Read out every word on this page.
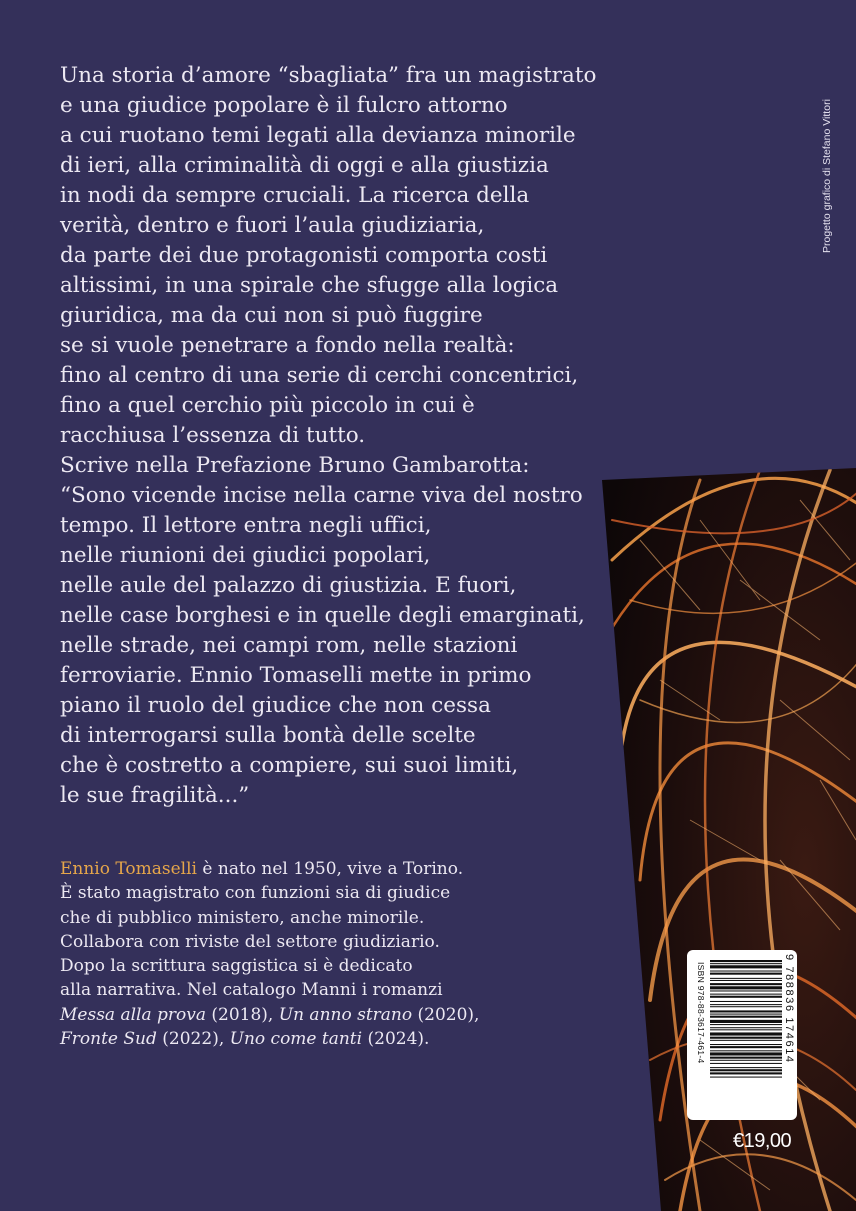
Una storia d’amore “sbagliata” fra un magistrato
e una giudice popolare è il fulcro attorno
a cui ruotano temi legati alla devianza minorile
di ieri, alla criminalità di oggi e alla giustizia
in nodi da sempre cruciali. La ricerca della
verità, dentro e fuori l’aula giudiziaria,
da parte dei due protagonisti comporta costi
altissimi, in una spirale che sfugge alla logica
giuridica, ma da cui non si può fuggire
se si vuole penetrare a fondo nella realtà:
fino al centro di una serie di cerchi concentrici,
fino a quel cerchio più piccolo in cui è
racchiusa l’essenza di tutto.
Scrive nella Prefazione Bruno Gambarotta:
“Sono vicende incise nella carne viva del nostro
tempo. Il lettore entra negli uffici,
nelle riunioni dei giudici popolari,
nelle aule del palazzo di giustizia. E fuori,
nelle case borghesi e in quelle degli emarginati,
nelle strade, nei campi rom, nelle stazioni
ferroviarie. Ennio Tomaselli mette in primo
piano il ruolo del giudice che non cessa
di interrogarsi sulla bontà delle scelte
che è costretto a compiere, sui suoi limiti,
le sue fragilità...”
Ennio Tomaselli è nato nel 1950, vive a Torino.
È stato magistrato con funzioni sia di giudice
che di pubblico ministero, anche minorile.
Collabora con riviste del settore giudiziario.
Dopo la scrittura saggistica si è dedicato
alla narrativa. Nel catalogo Manni i romanzi
Messa alla prova (2018), Un anno strano (2020),
Fronte Sud (2022), Uno come tanti (2024).
Progetto grafico di Stefano Vittori
9 788836 174614
ISBN 978-88-3617-461-4
€19,00
